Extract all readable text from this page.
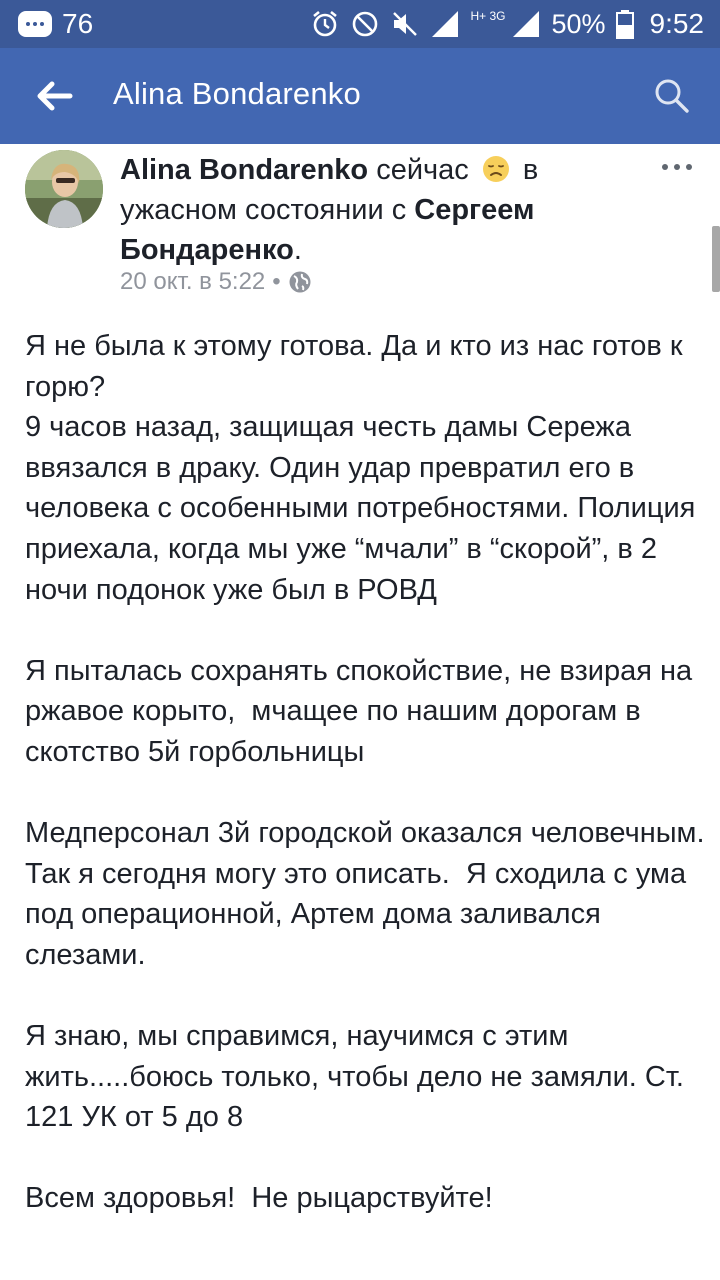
76	H+ 3G 50% 9:52
Alina Bondarenko
Alina Bondarenko сейчас  в ужасном состоянии с Сергеем Бондаренко.
20 окт. в 5:22 •

Я не была к этому готова. Да и кто из нас готов к горю?
9 часов назад, защищая честь дамы Сережа ввязался в драку. Один удар превратил его в человека с особенными потребностями. Полиция приехала, когда мы уже “мчали” в “скорой”, в 2 ночи подонок уже был в РОВД

Я пыталась сохранять спокойствие, не взирая на ржавое корыто,  мчащее по нашим дорогам в скотство 5й горбольницы

Медперсонал 3й городской оказался человечным. Так я сегодня могу это описать.  Я сходила с ума под операционной, Артем дома заливался слезами.

Я знаю, мы справимся, научимся с этим жить.....боюсь только, чтобы дело не замяли. Ст. 121 УК от 5 до 8

Всем здоровья!  Не рыцарствуйте!
